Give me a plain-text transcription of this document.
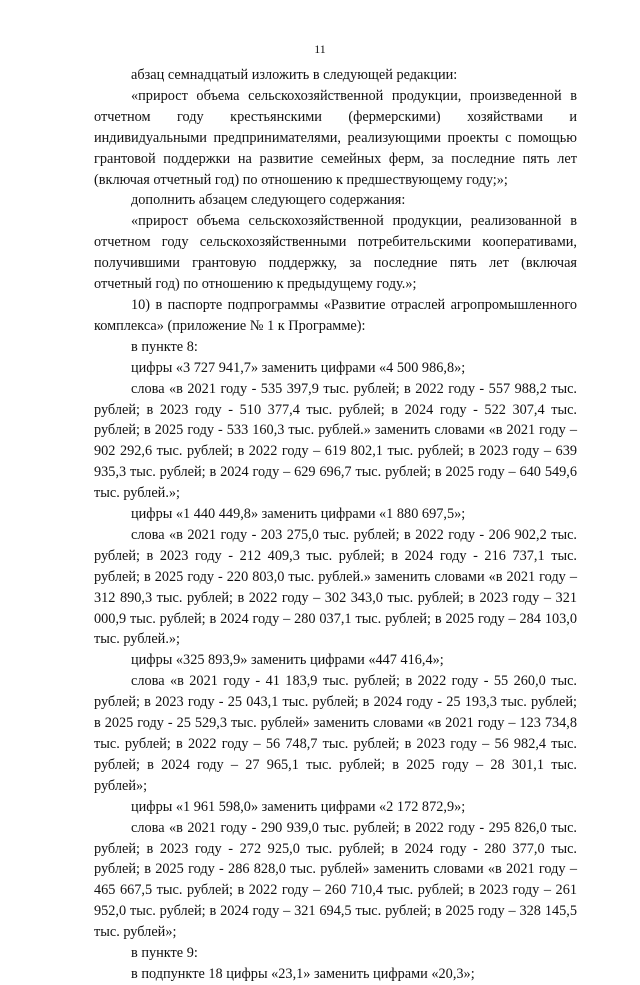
11

абзац семнадцатый изложить в следующей редакции:

«прирост объема сельскохозяйственной продукции, произведенной в отчетном году крестьянскими (фермерскими) хозяйствами и индивидуальными предпринимателями, реализующими проекты с помощью грантовой поддержки на развитие семейных ферм, за последние пять лет (включая отчетный год) по отношению к предшествующему году;»;

дополнить абзацем следующего содержания:

«прирост объема сельскохозяйственной продукции, реализованной в отчетном году сельскохозяйственными потребительскими кооперативами, получившими грантовую поддержку, за последние пять лет (включая отчетный год) по отношению к предыдущему году.»;

10) в паспорте подпрограммы «Развитие отраслей агропромышленного комплекса» (приложение № 1 к Программе):

в пункте 8:

цифры «3 727 941,7» заменить цифрами «4 500 986,8»;

слова «в 2021 году - 535 397,9 тыс. рублей; в 2022 году - 557 988,2 тыс. рублей; в 2023 году - 510 377,4 тыс. рублей; в 2024 году - 522 307,4 тыс. рублей; в 2025 году - 533 160,3 тыс. рублей.» заменить словами «в 2021 году – 902 292,6 тыс. рублей; в 2022 году – 619 802,1 тыс. рублей; в 2023 году – 639 935,3 тыс. рублей; в 2024 году – 629 696,7 тыс. рублей; в 2025 году – 640 549,6 тыс. рублей.»;

цифры «1 440 449,8» заменить цифрами «1 880 697,5»;

слова «в 2021 году - 203 275,0 тыс. рублей; в 2022 году - 206 902,2 тыс. рублей; в 2023 году - 212 409,3 тыс. рублей; в 2024 году - 216 737,1 тыс. рублей; в 2025 году - 220 803,0 тыс. рублей.» заменить словами «в 2021 году – 312 890,3 тыс. рублей; в 2022 году – 302 343,0 тыс. рублей; в 2023 году – 321 000,9 тыс. рублей; в 2024 году – 280 037,1 тыс. рублей; в 2025 году – 284 103,0 тыс. рублей.»;

цифры «325 893,9» заменить цифрами «447 416,4»;

слова «в 2021 году - 41 183,9 тыс. рублей; в 2022 году - 55 260,0 тыс. рублей; в 2023 году - 25 043,1 тыс. рублей; в 2024 году - 25 193,3 тыс. рублей; в 2025 году - 25 529,3 тыс. рублей» заменить словами «в 2021 году – 123 734,8 тыс. рублей; в 2022 году – 56 748,7 тыс. рублей; в 2023 году – 56 982,4 тыс. рублей; в 2024 году – 27 965,1 тыс. рублей; в 2025 году – 28 301,1 тыс. рублей»;

цифры «1 961 598,0» заменить цифрами «2 172 872,9»;

слова «в 2021 году - 290 939,0 тыс. рублей; в 2022 году - 295 826,0 тыс. рублей; в 2023 году - 272 925,0 тыс. рублей; в 2024 году - 280 377,0 тыс. рублей; в 2025 году - 286 828,0 тыс. рублей» заменить словами «в 2021 году – 465 667,5 тыс. рублей; в 2022 году – 260 710,4 тыс. рублей; в 2023 году – 261 952,0 тыс. рублей; в 2024 году – 321 694,5 тыс. рублей; в 2025 году – 328 145,5 тыс. рублей»;

в пункте 9:

в подпункте 18 цифры «23,1» заменить цифрами «20,3»;
